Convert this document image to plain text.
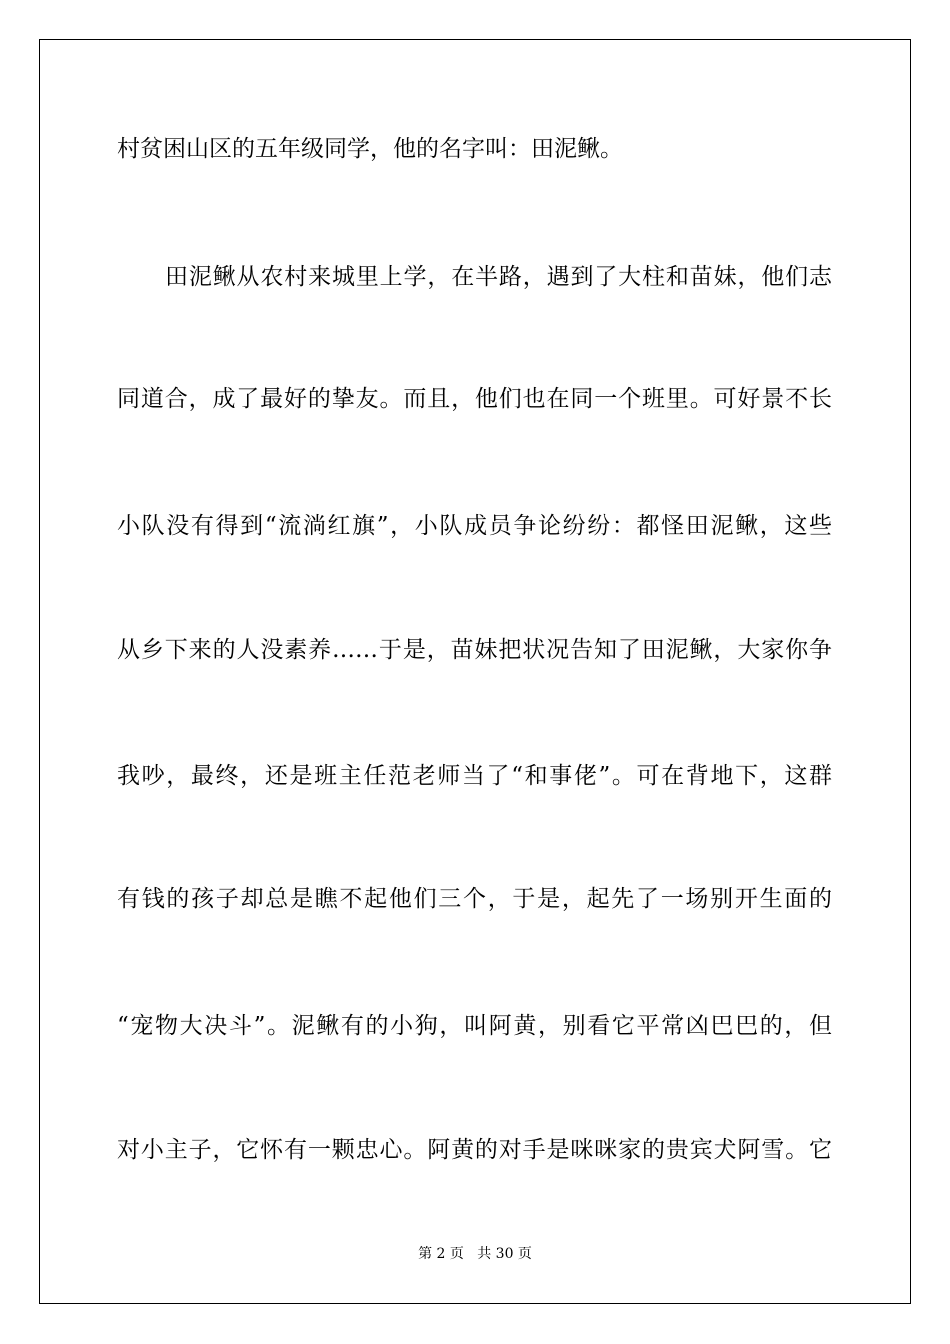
村贫困山区的五年级同学，他的名字叫：田泥鳅。
田泥鳅从农村来城里上学，在半路，遇到了大柱和苗妹，他们志
同道合，成了最好的挚友。而且，他们也在同一个班里。可好景不长
小队没有得到“流淌红旗”，小队成员争论纷纷：都怪田泥鳅，这些
从乡下来的人没素养……于是，苗妹把状况告知了田泥鳅，大家你争
我吵，最终，还是班主任范老师当了“和事佬”。可在背地下，这群
有钱的孩子却总是瞧不起他们三个，于是，起先了一场别开生面的
“宠物大决斗”。泥鳅有的小狗，叫阿黄，别看它平常凶巴巴的，但
对小主子，它怀有一颗忠心。阿黄的对手是咪咪家的贵宾犬阿雪。它
第 2 页   共 30 页
